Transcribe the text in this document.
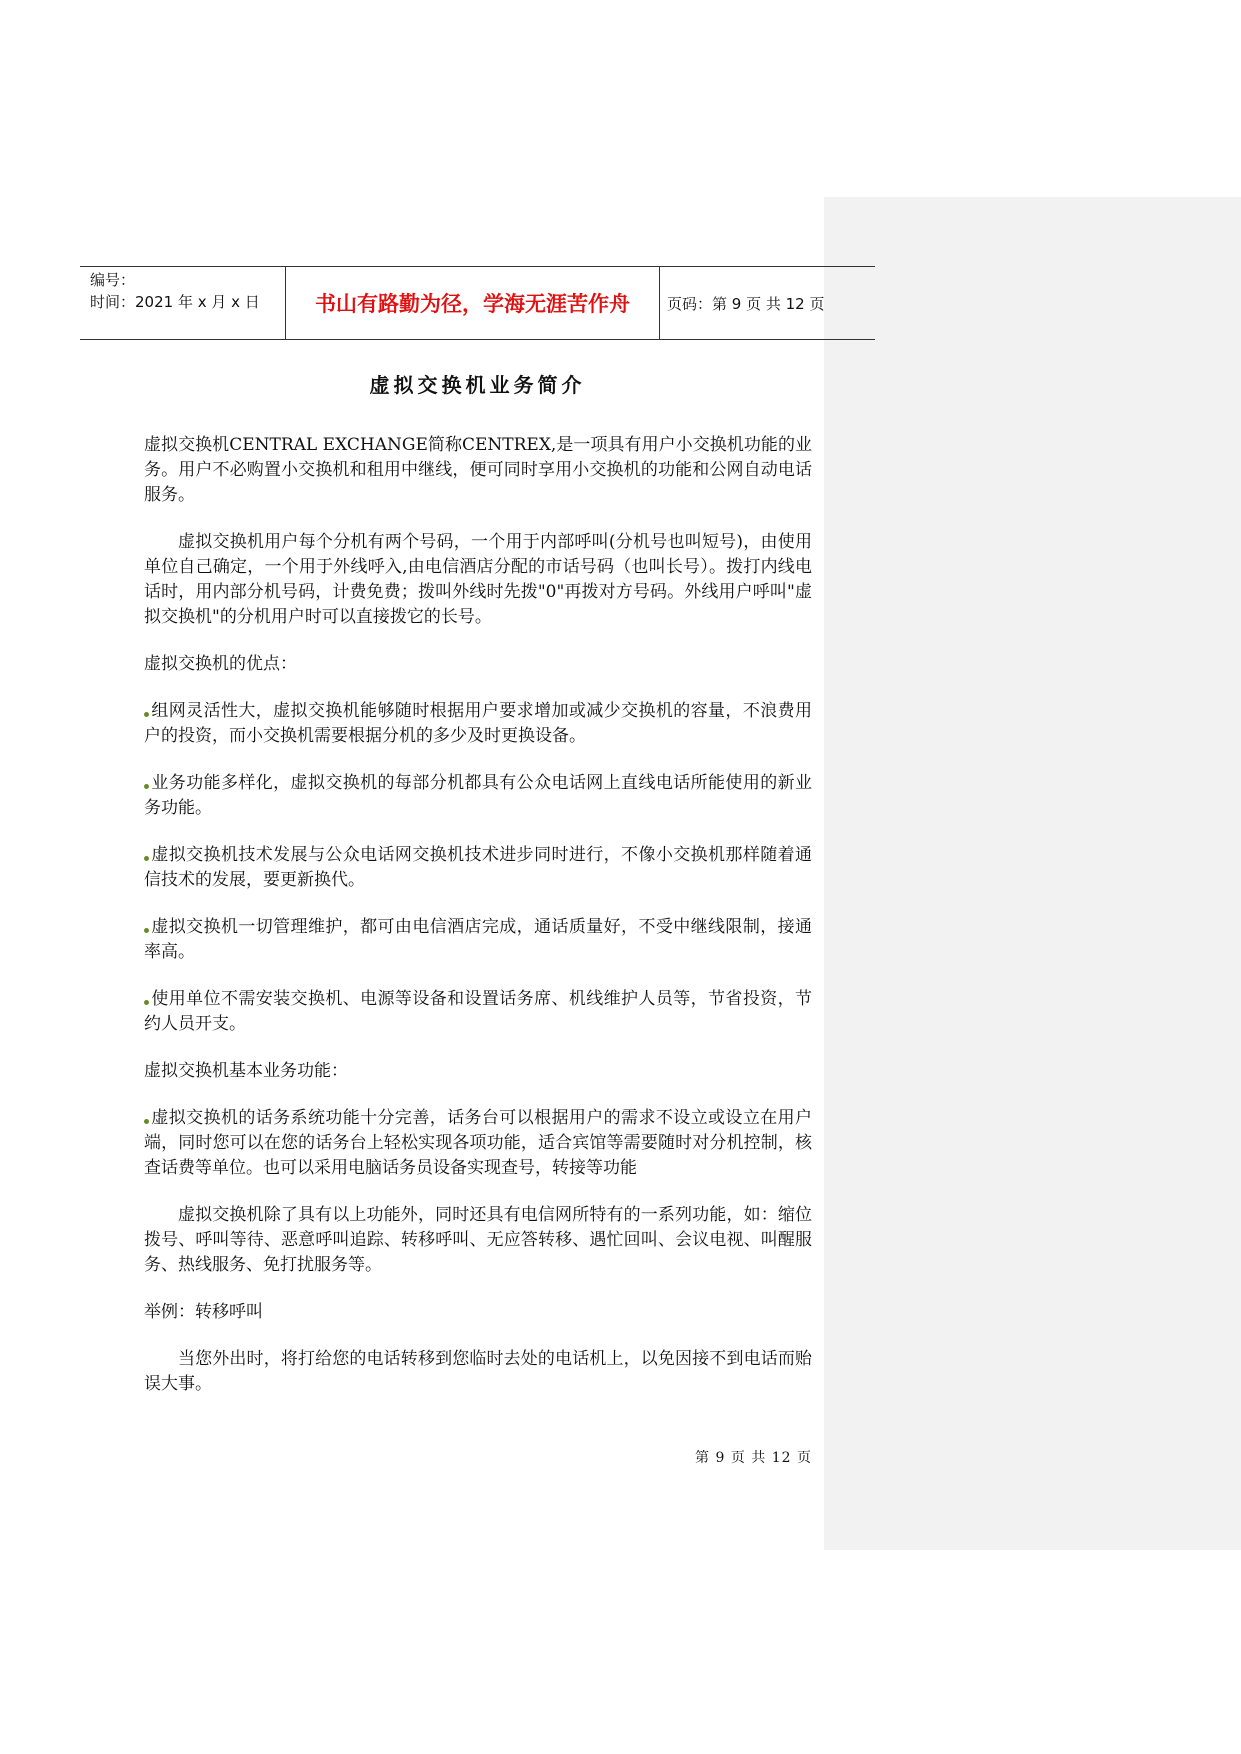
编号：
时间：2021 年 x 月 x 日	书山有路勤为径，学海无涯苦作舟 页码：第 9 页 共 12 页
虚拟交换机业务简介

虚拟交换机CENTRAL EXCHANGE简称CENTREX,是一项具有用户小交换机功能的业务。用户不必购置小交换机和租用中继线，便可同时享用小交换机的功能和公网自动电话服务。

虚拟交换机用户每个分机有两个号码，一个用于内部呼叫(分机号也叫短号)，由使用单位自己确定，一个用于外线呼入,由电信酒店分配的市话号码（也叫长号）。拨打内线电话时，用内部分机号码，计费免费；拨叫外线时先拨"0"再拨对方号码。外线用户呼叫"虚拟交换机"的分机用户时可以直接拨它的长号。

虚拟交换机的优点：

组网灵活性大，虚拟交换机能够随时根据用户要求增加或减少交换机的容量，不浪费用户的投资，而小交换机需要根据分机的多少及时更换设备。

业务功能多样化，虚拟交换机的每部分机都具有公众电话网上直线电话所能使用的新业务功能。

虚拟交换机技术发展与公众电话网交换机技术进步同时进行，不像小交换机那样随着通信技术的发展，要更新换代。

虚拟交换机一切管理维护，都可由电信酒店完成，通话质量好，不受中继线限制，接通率高。

使用单位不需安装交换机、电源等设备和设置话务席、机线维护人员等，节省投资，节约人员开支。

虚拟交换机基本业务功能：

虚拟交换机的话务系统功能十分完善，话务台可以根据用户的需求不设立或设立在用户端，同时您可以在您的话务台上轻松实现各项功能，适合宾馆等需要随时对分机控制，核查话费等单位。也可以采用电脑话务员设备实现查号，转接等功能

虚拟交换机除了具有以上功能外，同时还具有电信网所特有的一系列功能，如：缩位拨号、呼叫等待、恶意呼叫追踪、转移呼叫、无应答转移、遇忙回叫、会议电视、叫醒服务、热线服务、免打扰服务等。

举例：转移呼叫

当您外出时，将打给您的电话转移到您临时去处的电话机上，以免因接不到电话而贻误大事。

第 9 页 共 12 页
